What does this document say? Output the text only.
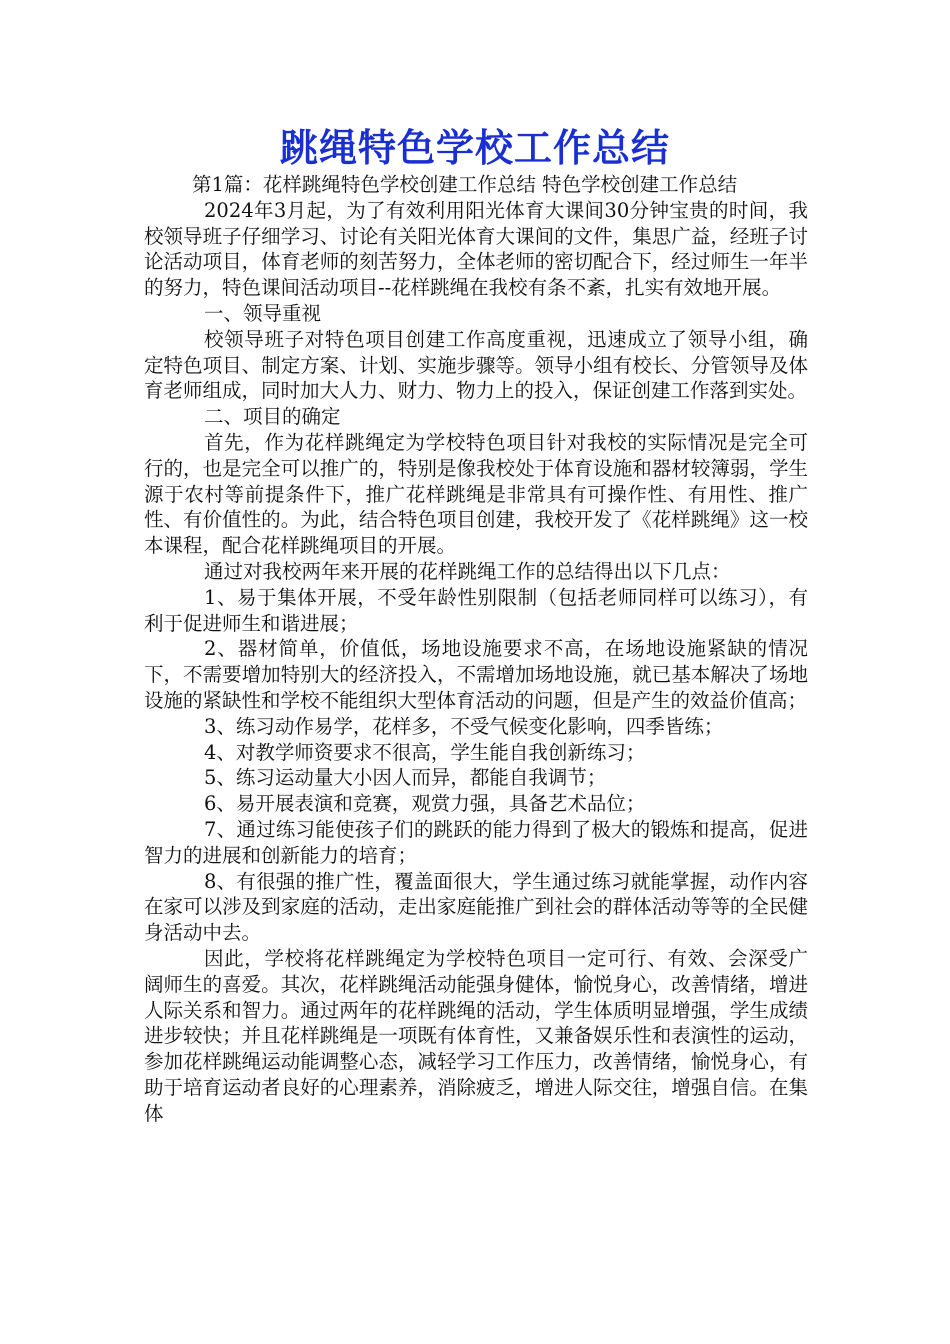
跳绳特色学校工作总结

第1篇：花样跳绳特色学校创建工作总结 特色学校创建工作总结

2024年3月起，为了有效利用阳光体育大课间30分钟宝贵的时间，我校领导班子仔细学习、讨论有关阳光体育大课间的文件，集思广益，经班子讨论活动项目，体育老师的刻苦努力，全体老师的密切配合下，经过师生一年半的努力，特色课间活动项目--花样跳绳在我校有条不紊，扎实有效地开展。

一、领导重视

校领导班子对特色项目创建工作高度重视，迅速成立了领导小组，确定特色项目、制定方案、计划、实施步骤等。领导小组有校长、分管领导及体育老师组成，同时加大人力、财力、物力上的投入，保证创建工作落到实处。

二、项目的确定

首先，作为花样跳绳定为学校特色项目针对我校的实际情况是完全可行的，也是完全可以推广的，特别是像我校处于体育设施和器材较簿弱，学生源于农村等前提条件下，推广花样跳绳是非常具有可操作性、有用性、推广性、有价值性的。为此，结合特色项目创建，我校开发了《花样跳绳》这一校本课程，配合花样跳绳项目的开展。

通过对我校两年来开展的花样跳绳工作的总结得出以下几点：

1、易于集体开展，不受年龄性别限制（包括老师同样可以练习），有利于促进师生和谐进展；

2、器材简单，价值低，场地设施要求不高，在场地设施紧缺的情况下，不需要增加特别大的经济投入，不需增加场地设施，就已基本解决了场地设施的紧缺性和学校不能组织大型体育活动的问题，但是产生的效益价值高；

3、练习动作易学，花样多，不受气候变化影响，四季皆练；

4、对教学师资要求不很高，学生能自我创新练习；

5、练习运动量大小因人而异，都能自我调节；

6、易开展表演和竞赛，观赏力强，具备艺术品位；

7、通过练习能使孩子们的跳跃的能力得到了极大的锻炼和提高，促进智力的进展和创新能力的培育；

8、有很强的推广性，覆盖面很大，学生通过练习就能掌握，动作内容在家可以涉及到家庭的活动，走出家庭能推广到社会的群体活动等等的全民健身活动中去。

因此，学校将花样跳绳定为学校特色项目一定可行、有效、会深受广阔师生的喜爱。其次，花样跳绳活动能强身健体，愉悦身心，改善情绪，增进人际关系和智力。通过两年的花样跳绳的活动，学生体质明显增强，学生成绩进步较快；并且花样跳绳是一项既有体育性，又兼备娱乐性和表演性的运动，参加花样跳绳运动能调整心态，减轻学习工作压力，改善情绪，愉悦身心，有助于培育运动者良好的心理素养，消除疲乏，增进人际交往，增强自信。在集体
